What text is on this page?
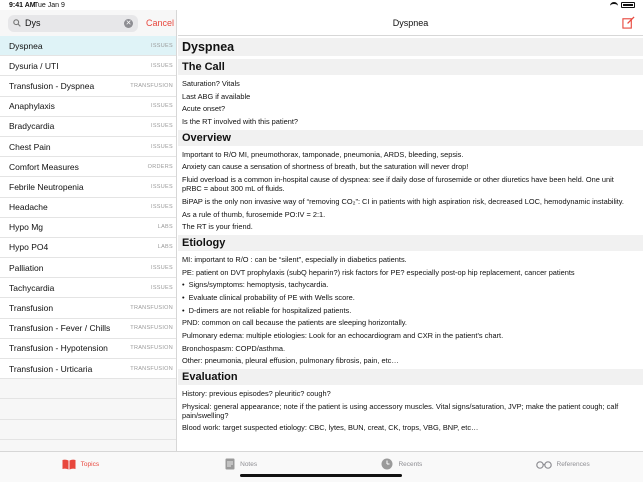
9:41 AM
Tue Jan 9
Dys
✕ Cancel
Dyspnea	ISSUES
Dysuria / UTI	ISSUES
Transfusion - Dyspnea	TRANSFUSION
Anaphylaxis	ISSUES
Bradycardia	ISSUES
Chest Pain	ISSUES
Comfort Measures	ORDERS
Febrile Neutropenia	ISSUES
Headache	ISSUES
Hypo Mg	LABS
Hypo PO4	LABS
Palliation	ISSUES
Tachycardia	ISSUES
Transfusion	TRANSFUSION
Transfusion - Fever / Chills	TRANSFUSION
Transfusion - Hypotension	TRANSFUSION
Transfusion - Urticaria	TRANSFUSION
Dyspnea
Dyspnea
The Call

Saturation? Vitals

Last ABG if available

Acute onset?

Is the RT involved with this patient?

Overview

Important to R/O MI, pneumothorax, tamponade, pneumonia, ARDS, bleeding, sepsis.

Anxiety can cause a sensation of shortness of breath, but the saturation will never drop!

Fluid overload is a common in-hospital cause of dyspnea: see if daily dose of furosemide or other diuretics have been held. One unit pRBC = about 300 mL of fluids.

BiPAP is the only non invasive way of “removing CO₂”: CI in patients with high aspiration risk, decreased LOC, hemodynamic instability.

As a rule of thumb, furosemide PO:IV = 2:1.

The RT is your friend.

Etiology

MI: important to R/O : can be “silent”, especially in diabetics patients.

PE: patient on DVT prophylaxis (subQ heparin?) risk factors for PE? especially post-op hip replacement, cancer patients

• Signs/symptoms: hemoptysis, tachycardia.

• Evaluate clinical probability of PE with Wells score.

• D-dimers are not reliable for hospitalized patients.

PND: common on call because the patients are sleeping horizontally.

Pulmonary edema: multiple etiologies: Look for an echocardiogram and CXR in the patient’s chart.

Bronchospasm: COPD/asthma.

Other: pneumonia, pleural effusion, pulmonary fibrosis, pain, etc…

Evaluation

History: previous episodes? pleuritic? cough?

Physical: general appearance; note if the patient is using accessory muscles. Vital signs/saturation, JVP; make the patient cough; calf pain/swelling?

Blood work: target suspected etiology: CBC, lytes, BUN, creat, CK, trops, VBG, BNP, etc…

Topics	Notes	Recents	References
